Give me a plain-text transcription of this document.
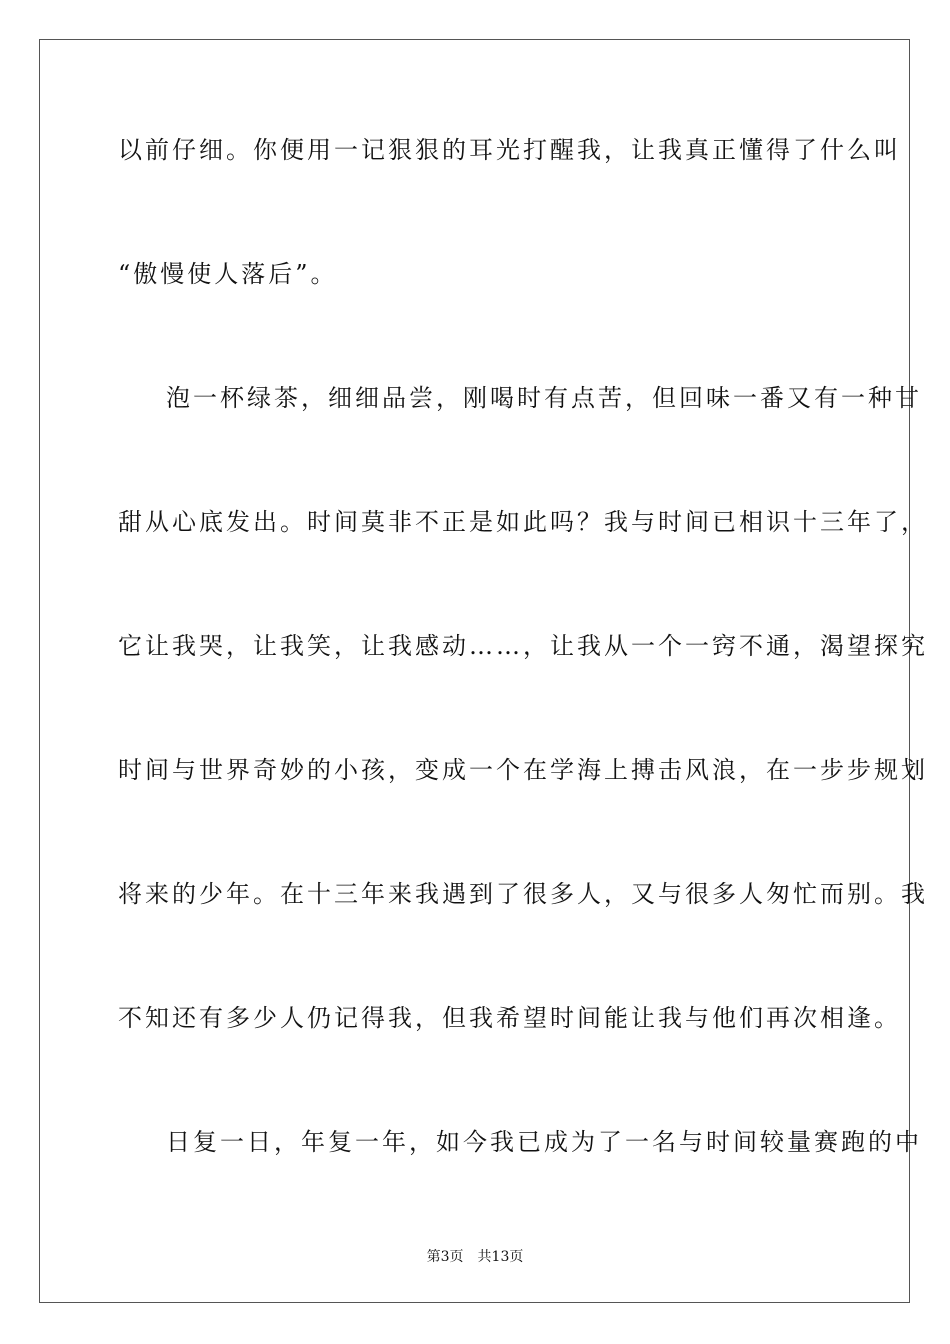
以前仔细。你便用一记狠狠的耳光打醒我，让我真正懂得了什么叫
“傲慢使人落后”。
泡一杯绿茶，细细品尝，刚喝时有点苦，但回味一番又有一种甘
甜从心底发出。时间莫非不正是如此吗？我与时间已相识十三年了，
它让我哭，让我笑，让我感动……，让我从一个一窍不通，渴望探究
时间与世界奇妙的小孩，变成一个在学海上搏击风浪，在一步步规划
将来的少年。在十三年来我遇到了很多人，又与很多人匆忙而别。我
不知还有多少人仍记得我，但我希望时间能让我与他们再次相逢。
日复一日，年复一年，如今我已成为了一名与时间较量赛跑的中
第3页　共13页
